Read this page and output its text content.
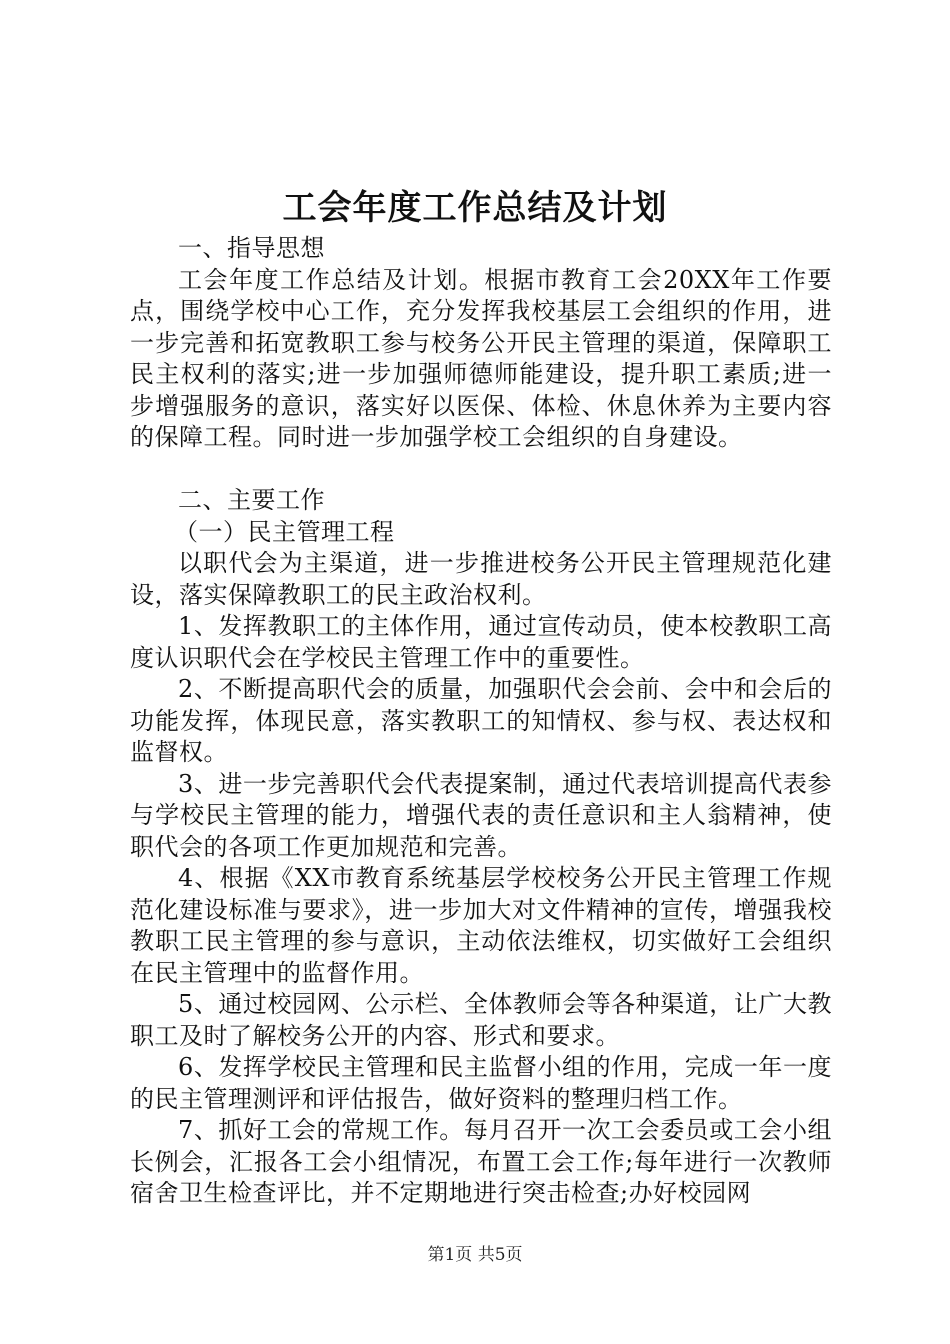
工会年度工作总结及计划

一、指导思想

工会年度工作总结及计划。根据市教育工会20XX年工作要点，围绕学校中心工作，充分发挥我校基层工会组织的作用，进一步完善和拓宽教职工参与校务公开民主管理的渠道，保障职工民主权利的落实;进一步加强师德师能建设，提升职工素质;进一步增强服务的意识，落实好以医保、体检、休息休养为主要内容的保障工程。同时进一步加强学校工会组织的自身建设。

二、主要工作

（一）民主管理工程

以职代会为主渠道，进一步推进校务公开民主管理规范化建设，落实保障教职工的民主政治权利。

1、发挥教职工的主体作用，通过宣传动员，使本校教职工高度认识职代会在学校民主管理工作中的重要性。

2、不断提高职代会的质量，加强职代会会前、会中和会后的功能发挥，体现民意，落实教职工的知情权、参与权、表达权和监督权。

3、进一步完善职代会代表提案制，通过代表培训提高代表参与学校民主管理的能力，增强代表的责任意识和主人翁精神，使职代会的各项工作更加规范和完善。

4、根据《XX市教育系统基层学校校务公开民主管理工作规范化建设标准与要求》，进一步加大对文件精神的宣传，增强我校教职工民主管理的参与意识，主动依法维权，切实做好工会组织在民主管理中的监督作用。

5、通过校园网、公示栏、全体教师会等各种渠道，让广大教职工及时了解校务公开的内容、形式和要求。

6、发挥学校民主管理和民主监督小组的作用，完成一年一度的民主管理测评和评估报告，做好资料的整理归档工作。

7、抓好工会的常规工作。每月召开一次工会委员或工会小组长例会，汇报各工会小组情况，布置工会工作;每年进行一次教师宿舍卫生检查评比，并不定期地进行突击检查;办好校园网

第1页 共5页
